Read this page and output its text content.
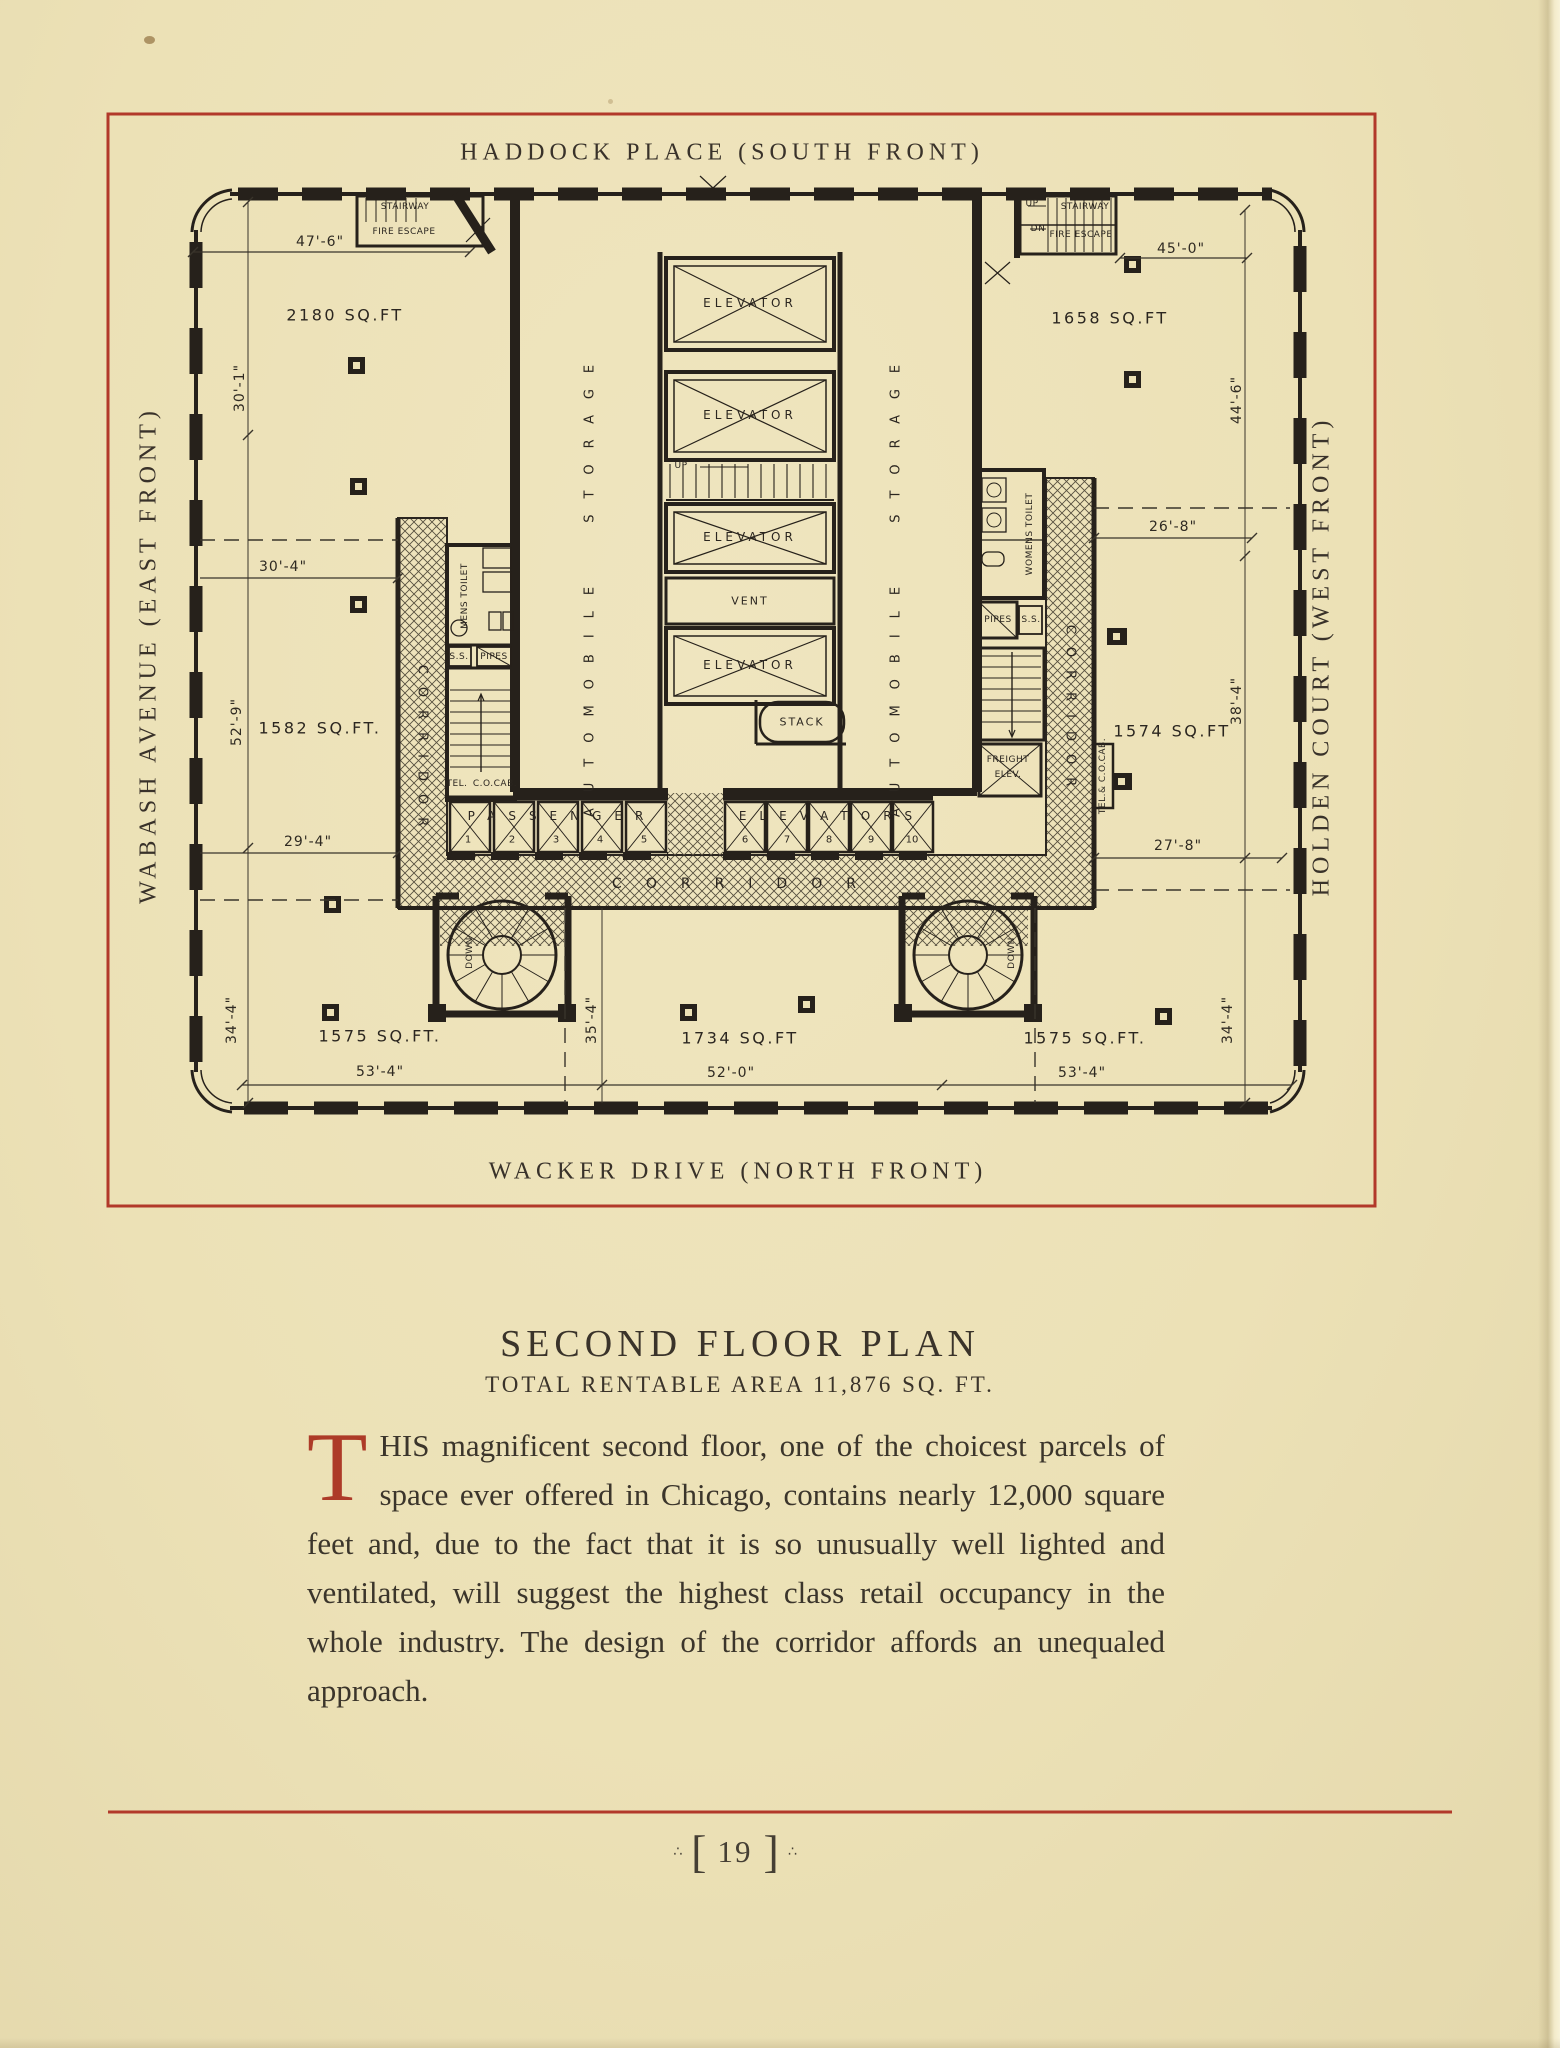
HADDOCK PLACE (SOUTH FRONT)
WACKER DRIVE (NORTH FRONT)
WABASH AVENUE (EAST FRONT)	HOLDEN COURT (WEST FRONT)
2180 SQ.FT	1658 SQ.FT
1582 SQ.FT.	1574 SQ.FT
1575 SQ.FT.	1734 SQ.FT	1575 SQ.FT.
47'-6"	45'-0"
30'-1"
30'-4"
52'-9"
29'-4"
44'-6"
26'-8"
38'-4"
27'-8"
34'-4"
53'-4"
35'-4"
52'-0"	53'-4"
34'-4"
ELEVATOR
ELEVATOR
ELEVATOR
ELEVATOR
VENT
STACK
UP
STAIRWAY
FIRE ESCAPE
UP
DN
STAIRWAY
FIRE ESCAPE
AUTOMOBILE STORAGE	AUTOMOBILE STORAGE
CORRIDOR	CORRIDOR
CORRIDOR
MENS TOILET
WOMENS TOILET
PIPES
S.S.
PIPES S.S.
TEL. C.O.CAB.
FREIGHT
ELEV.	TEL.& C.O.CAB.
DOWN	DOWN
PASSENGER	ELEVATORS
1	2	3	4	5	6	7	8	9	10
SECOND FLOOR PLAN
TOTAL RENTABLE AREA 11,876 SQ. FT.
THIS magnificent second floor, one of the choicest parcels of space ever offered in Chicago, contains nearly 12,000 square feet and, due to the fact that it is so unusually well lighted and ventilated, will suggest the highest class retail occupancy in the whole industry. The design of the corridor affords an unequaled approach.
∴ [ 19 ] ∴
